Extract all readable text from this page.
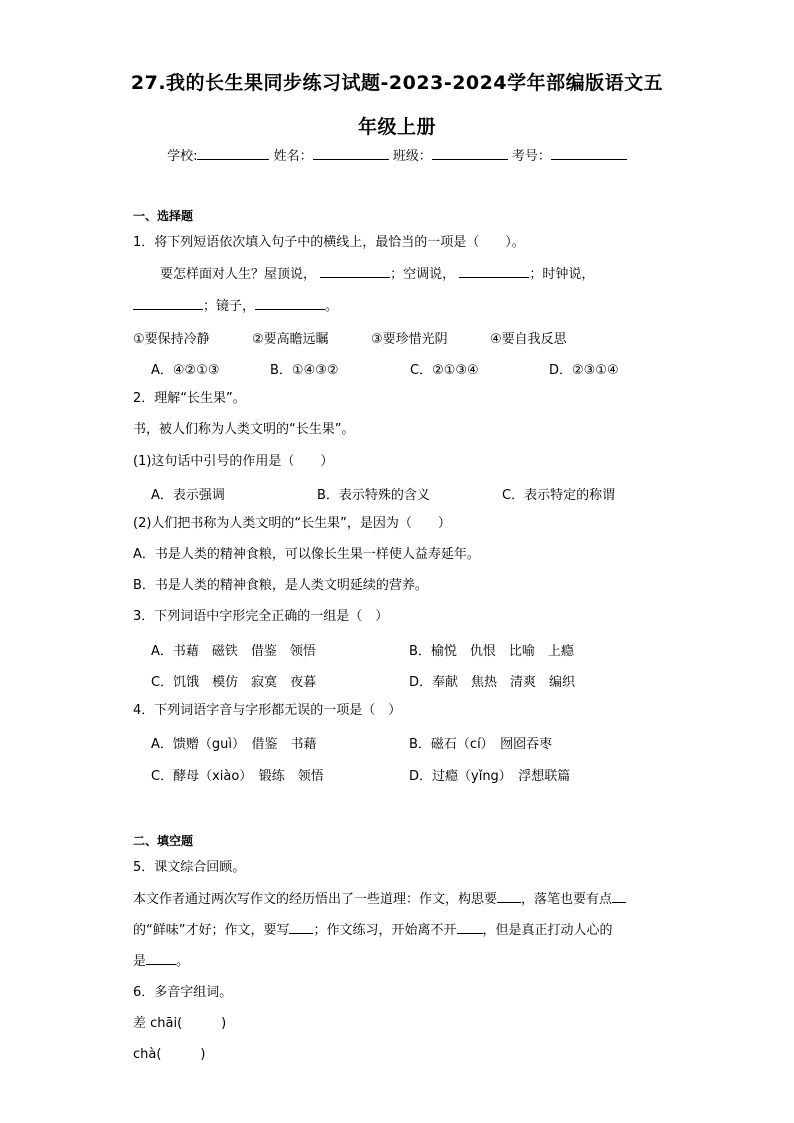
27.我的长生果同步练习试题-2023-2024学年部编版语文五
年级上册
学校:	姓名：	班级：	考号：
一、选择题
1．将下列短语依次填入句子中的横线上，最恰当的一项是（　　）。
要怎样面对人生？屋顶说，	；空调说，	；时钟说，
；镜子，	。
①要保持冷静	②要高瞻远瞩	③要珍惜光阴	④要自我反思
A．④②①③	B．①④③②	C．②①③④	D．②③①④
2．理解“长生果”。
书，被人们称为人类文明的“长生果”。
(1)这句话中引号的作用是（　　）
A．表示强调	B．表示特殊的含义	C．表示特定的称谓
(2)人们把书称为人类文明的“长生果”，是因为（　　）
A．书是人类的精神食粮，可以像长生果一样使人益寿延年。
B．书是人类的精神食粮，是人类文明延续的营养。
3．下列词语中字形完全正确的一组是（　）
A．书藉　磁铁　借鉴　领悟	B．榆悦　仇恨　比喻　上瘾
C．饥饿　模仿　寂寞　夜暮	D．奉献　焦热　清爽　编织
4．下列词语字音与字形都无误的一项是（　）
A．馈赠（guì）　借鉴　书藉	B．磁石（cí）　囫囵吞枣
C．酵母（xiào）　锻练　领悟	D．过瘾（yǐng）　浮想联篇
二、填空题
5．课文综合回顾。
本文作者通过两次写作文的经历悟出了一些道理：作文，构思要 ，落笔也要有点
的“鲜味”才好；作文，要写 ；作文练习，开始离不开 ，但是真正打动人心的
是 。
6．多音字组词。
差 chāi(　　　)
chà(　　　)
